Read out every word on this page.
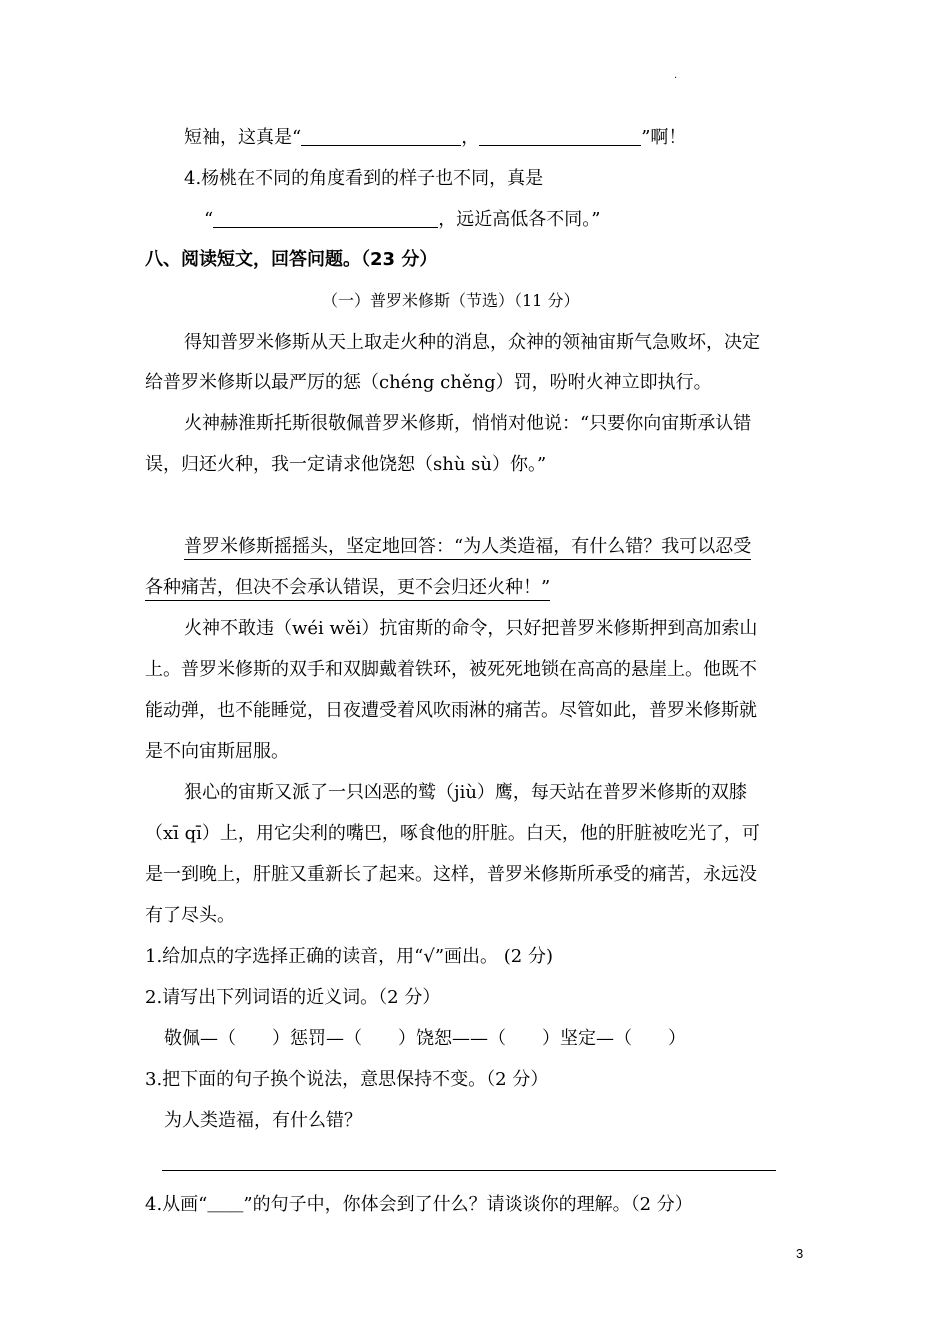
.
短袖，这真是“	，	”啊！
4.杨桃在不同的角度看到的样子也不同，真是
“	，远近高低各不同。”
八、阅读短文，回答问题。（23 分）
（一）普罗米修斯（节选）（11 分）
得知普罗米修斯从天上取走火种的消息，众神的领袖宙斯气急败坏，决定
给普罗米修斯以最严厉的惩（chéng chěng）罚，吩咐火神立即执行。
火神赫淮斯托斯很敬佩普罗米修斯，悄悄对他说：“只要你向宙斯承认错
误，归还火种，我一定请求他饶恕（shù sù）你。”
普罗米修斯摇摇头，坚定地回答：“为人类造福，有什么错？我可以忍受
各种痛苦，但决不会承认错误，更不会归还火种！”
火神不敢违（wéi wěi）抗宙斯的命令，只好把普罗米修斯押到高加索山
上。普罗米修斯的双手和双脚戴着铁环，被死死地锁在高高的悬崖上。他既不
能动弹，也不能睡觉，日夜遭受着风吹雨淋的痛苦。尽管如此，普罗米修斯就
是不向宙斯屈服。
狠心的宙斯又派了一只凶恶的鹫（jiù）鹰，每天站在普罗米修斯的双膝
（xī qī）上，用它尖利的嘴巴，啄食他的肝脏。白天，他的肝脏被吃光了，可
是一到晚上，肝脏又重新长了起来。这样，普罗米修斯所承受的痛苦，永远没
有了尽头。
1.给加点的字选择正确的读音，用“√”画出。 (2 分)
2.请写出下列词语的近义词。（2 分）
敬佩—（　　）惩罚—（　　）饶恕——（　　）坚定—（　　）
3.把下面的句子换个说法，意思保持不变。（2 分）
为人类造福，有什么错？
4.从画“＿＿”的句子中，你体会到了什么？请谈谈你的理解。（2 分）
3
